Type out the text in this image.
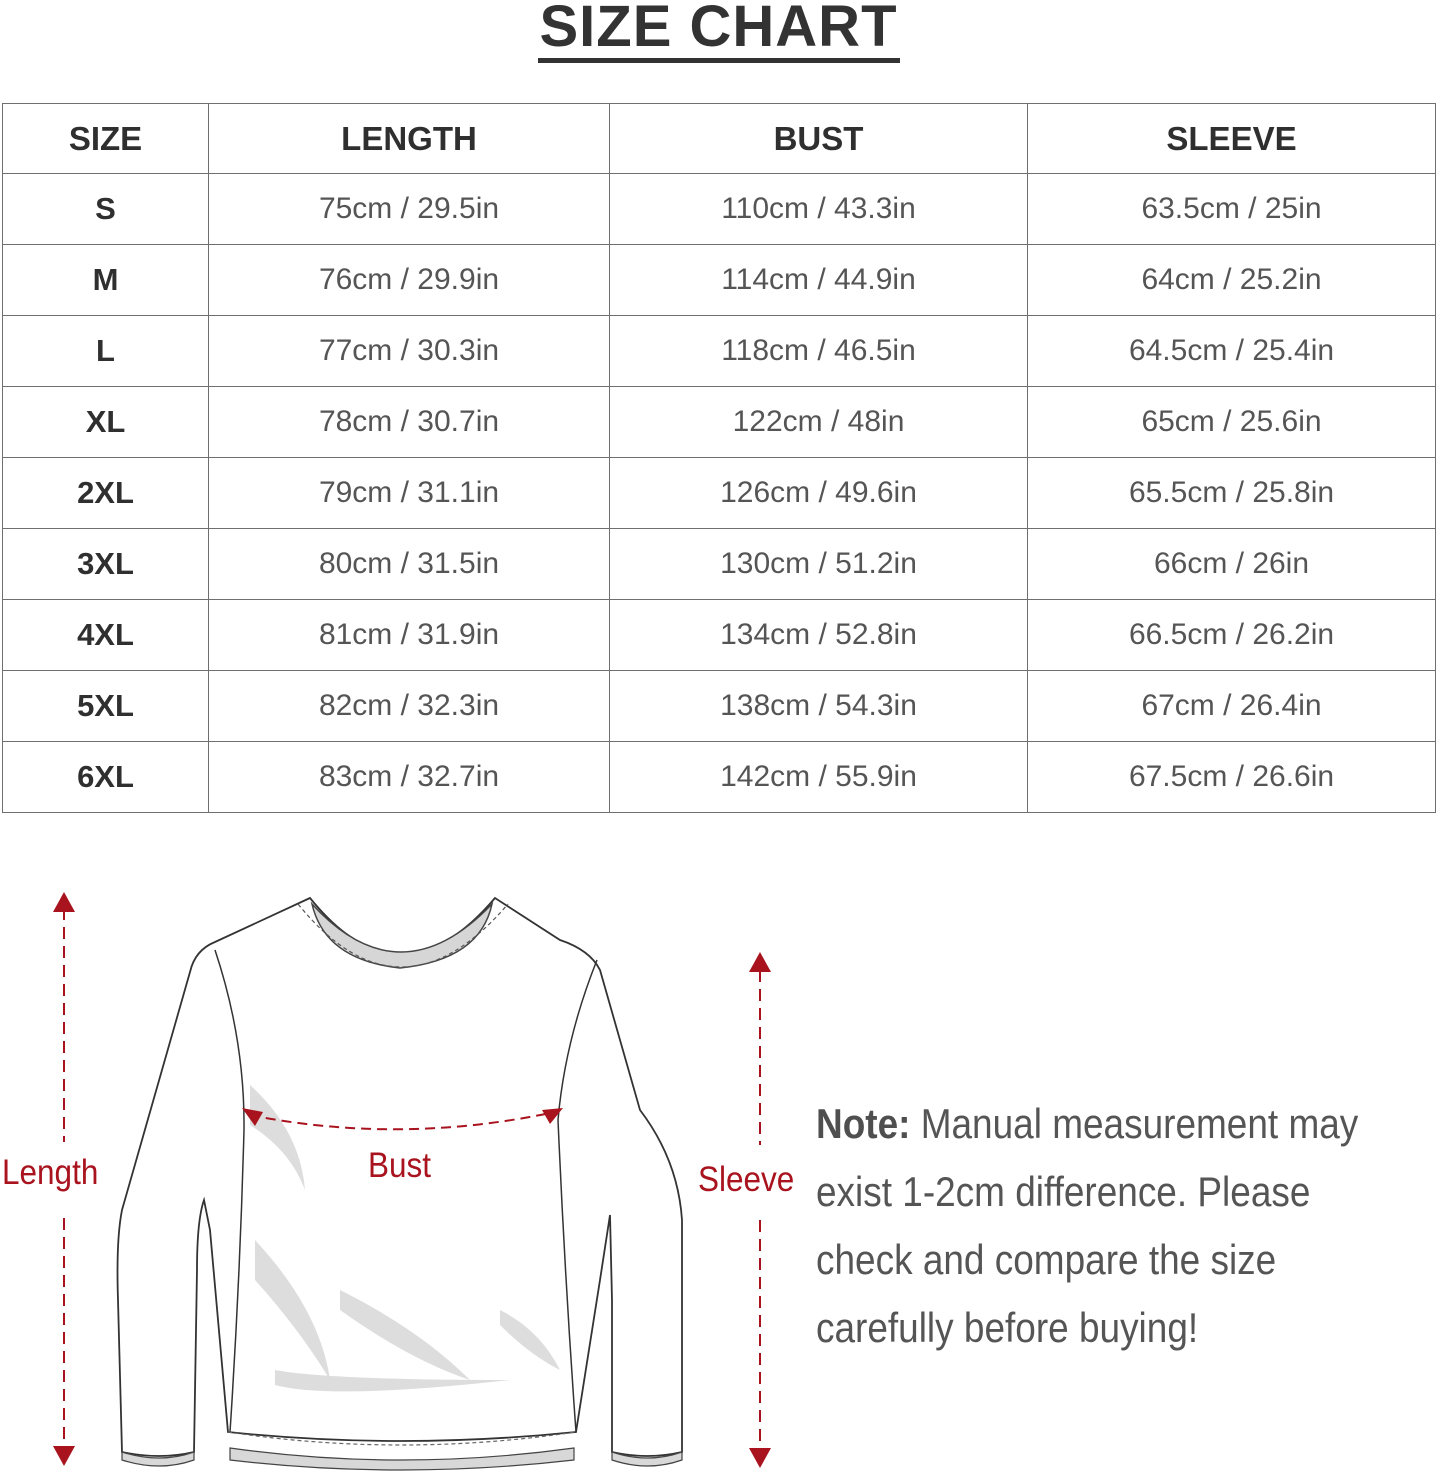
SIZE CHART
SIZE	LENGTH	BUST	SLEEVE
S	75cm / 29.5in	110cm / 43.3in	63.5cm / 25in
M	76cm / 29.9in	114cm / 44.9in	64cm / 25.2in
L	77cm / 30.3in	118cm / 46.5in	64.5cm / 25.4in
XL	78cm / 30.7in	122cm / 48in	65cm / 25.6in
2XL	79cm / 31.1in	126cm / 49.6in	65.5cm / 25.8in
3XL	80cm / 31.5in	130cm / 51.2in	66cm / 26in
4XL	81cm / 31.9in	134cm / 52.8in	66.5cm / 26.2in
5XL	82cm / 32.3in	138cm / 54.3in	67cm / 26.4in
6XL	83cm / 32.7in	142cm / 55.9in	67.5cm / 26.6in
Length	Bust	Sleeve
Note: Manual measurement may
exist 1-2cm difference. Please
check and compare the size
carefully before buying!
